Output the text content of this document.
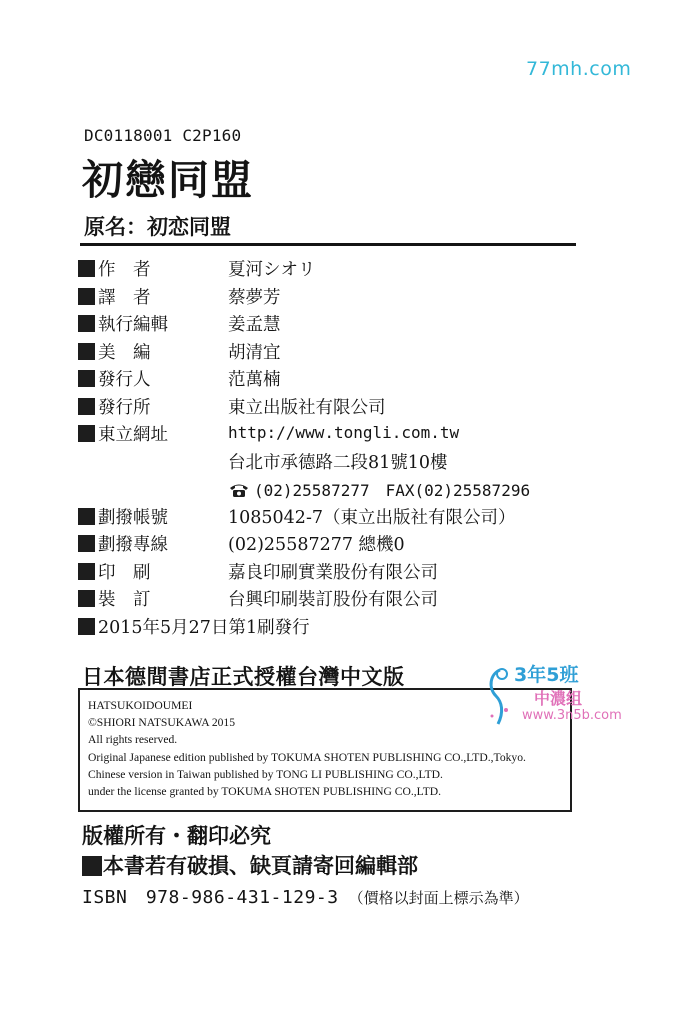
77mh.com
DC0118001 C2P160
初戀同盟
原名：初恋同盟
作　者	夏河シオリ
譯　者	蔡夢芳
執行編輯	姜孟慧
美　編	胡清宜
發行人	范萬楠
發行所	東立出版社有限公司
東立網址	http://www.tongli.com.tw
台北市承德路二段81號10樓
(02)25587277　FAX(02)25587296
劃撥帳號	1085042-7（東立出版社有限公司）
劃撥專線	(02)25587277 總機0
印　刷	嘉良印刷實業股份有限公司
裝　訂	台興印刷裝訂股份有限公司
2015年5月27日第1刷發行
日本德間書店正式授權台灣中文版
HATSUKOIDOUMEI
©SHIORI NATSUKAWA 2015
All rights reserved.
Original Japanese edition published by TOKUMA SHOTEN PUBLISHING CO.,LTD.,Tokyo.
Chinese version in Taiwan published by TONG LI PUBLISHING CO.,LTD.
under the license granted by TOKUMA SHOTEN PUBLISHING CO.,LTD.
3年5班
中濃组
www.3n5b.com
版權所有・翻印必究
本書若有破損、缺頁請寄回編輯部
ISBN　978-986-431-129-3 （價格以封面上標示為準）
